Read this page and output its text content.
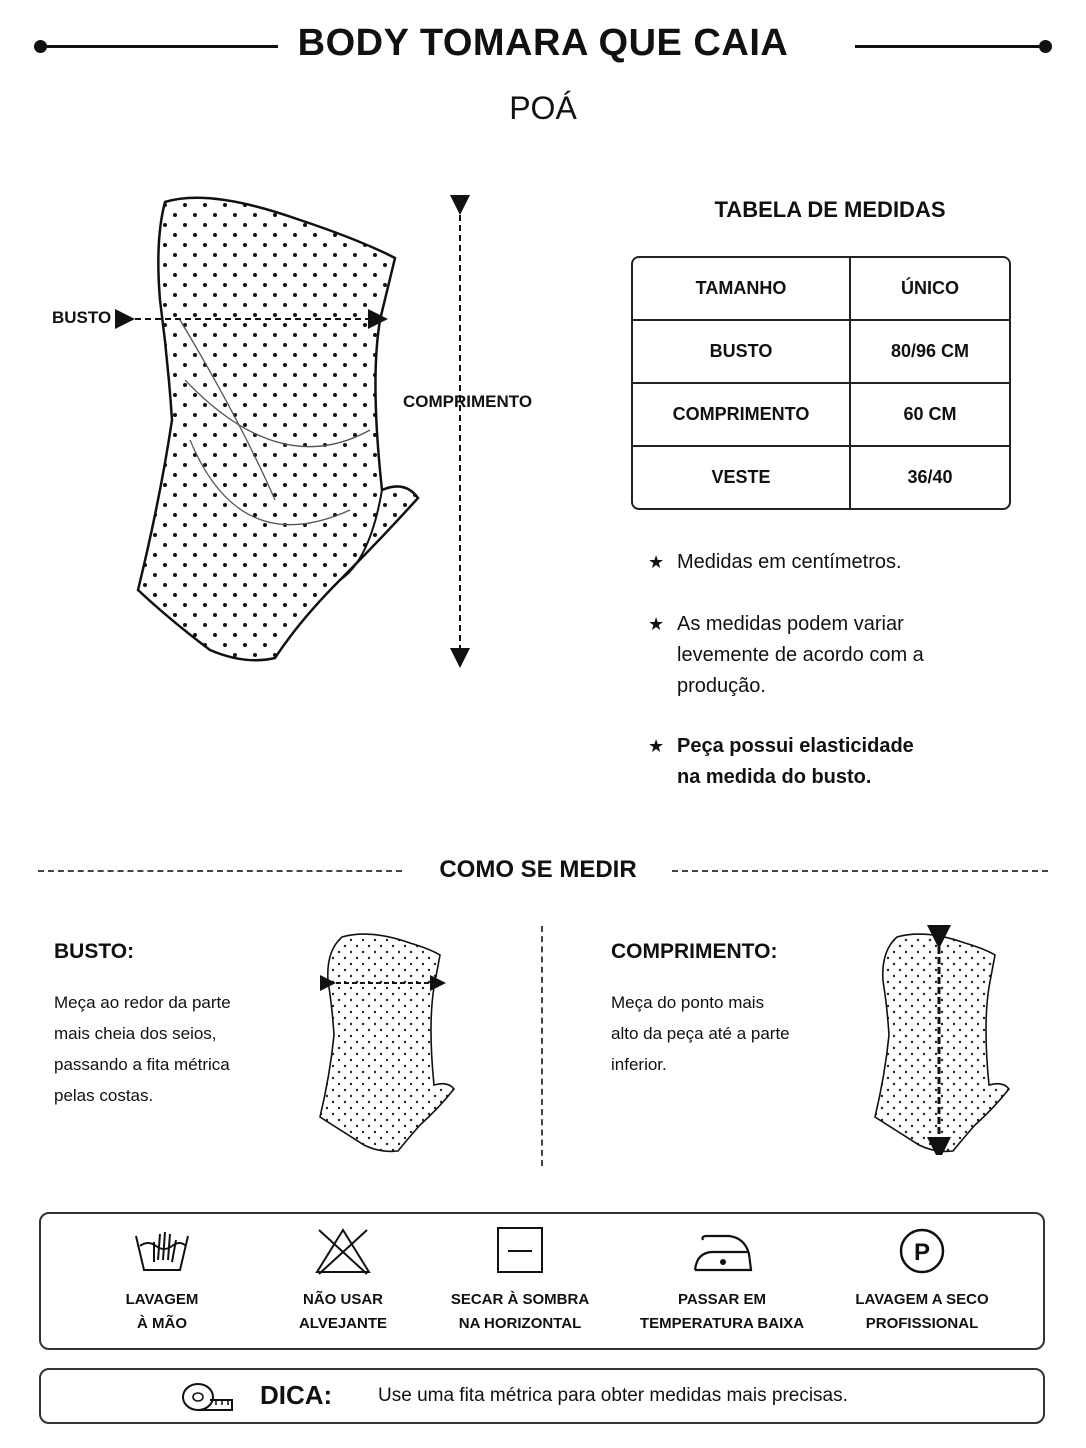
BODY TOMARA QUE CAIA
POÁ
BUSTO
COMPRIMENTO
TABELA DE MEDIDAS
TAMANHO	ÚNICO
BUSTO	80/96 CM
COMPRIMENTO	60 CM
VESTE	36/40
★ Medidas em centímetros.
★ As medidas podem variar levemente de acordo com a produção.
★ Peça possui elasticidade na medida do busto.
COMO SE MEDIR
BUSTO:
Meça ao redor da parte mais cheia dos seios, passando a fita métrica pelas costas.
COMPRIMENTO:
Meça do ponto mais alto da peça até a parte inferior.
LAVAGEM
À MÃO
NÃO USAR
ALVEJANTE
SECAR À SOMBRA
NA HORIZONTAL
PASSAR EM
TEMPERATURA BAIXA
P
LAVAGEM A SECO
PROFISSIONAL
DICA: Use uma fita métrica para obter medidas mais precisas.
